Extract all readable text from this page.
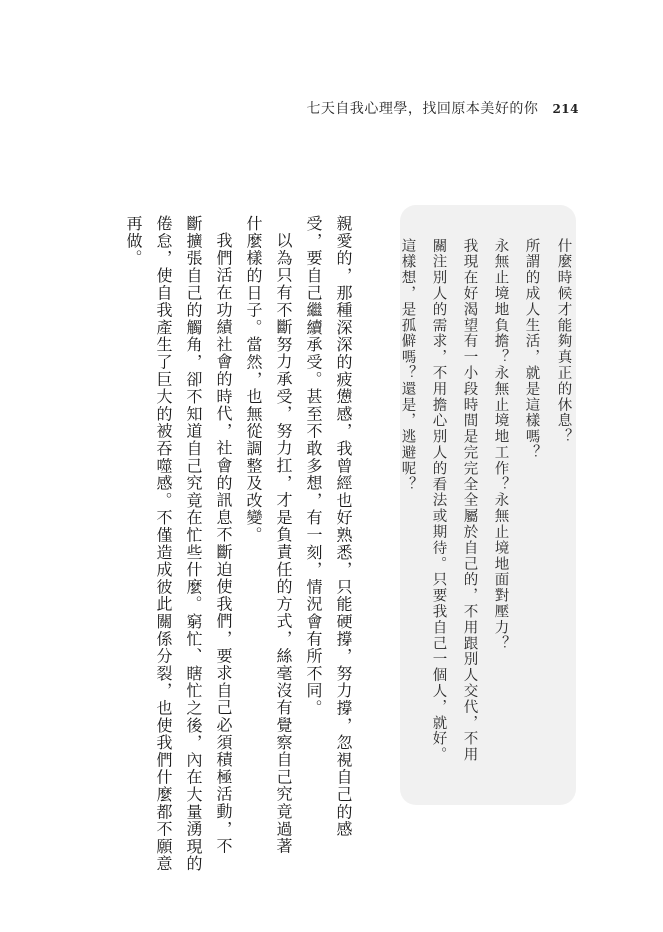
七天自我心理學，找回原本美好的你 214
什麼時候才能夠真正的休息？
所謂的成人生活，就是這樣嗎？
永無止境地負擔？永無止境地工作？永無止境地面對壓力？
我現在好渴望有一小段時間是完完全全屬於自己的，不用跟別人交代，不用
關注別人的需求，不用擔心別人的看法或期待。只要我自己一個人，就好。
這樣想，是孤僻嗎？還是，逃避呢？
親愛的，那種深深的疲憊感，我曾經也好熟悉，只能硬撐，努力撐，忽視自己的感
受，要自己繼續承受。甚至不敢多想，有一刻，情況會有所不同。
以為只有不斷努力承受，努力扛，才是負責任的方式，絲毫沒有覺察自己究竟過著
什麼樣的日子。當然，也無從調整及改變。
我們活在功績社會的時代，社會的訊息不斷迫使我們，要求自己必須積極活動，不
斷擴張自己的觸角，卻不知道自己究竟在忙些什麼。窮忙、瞎忙之後，內在大量湧現的
倦怠，使自我產生了巨大的被吞噬感。不僅造成彼此關係分裂，也使我們什麼都不願意
再做。
